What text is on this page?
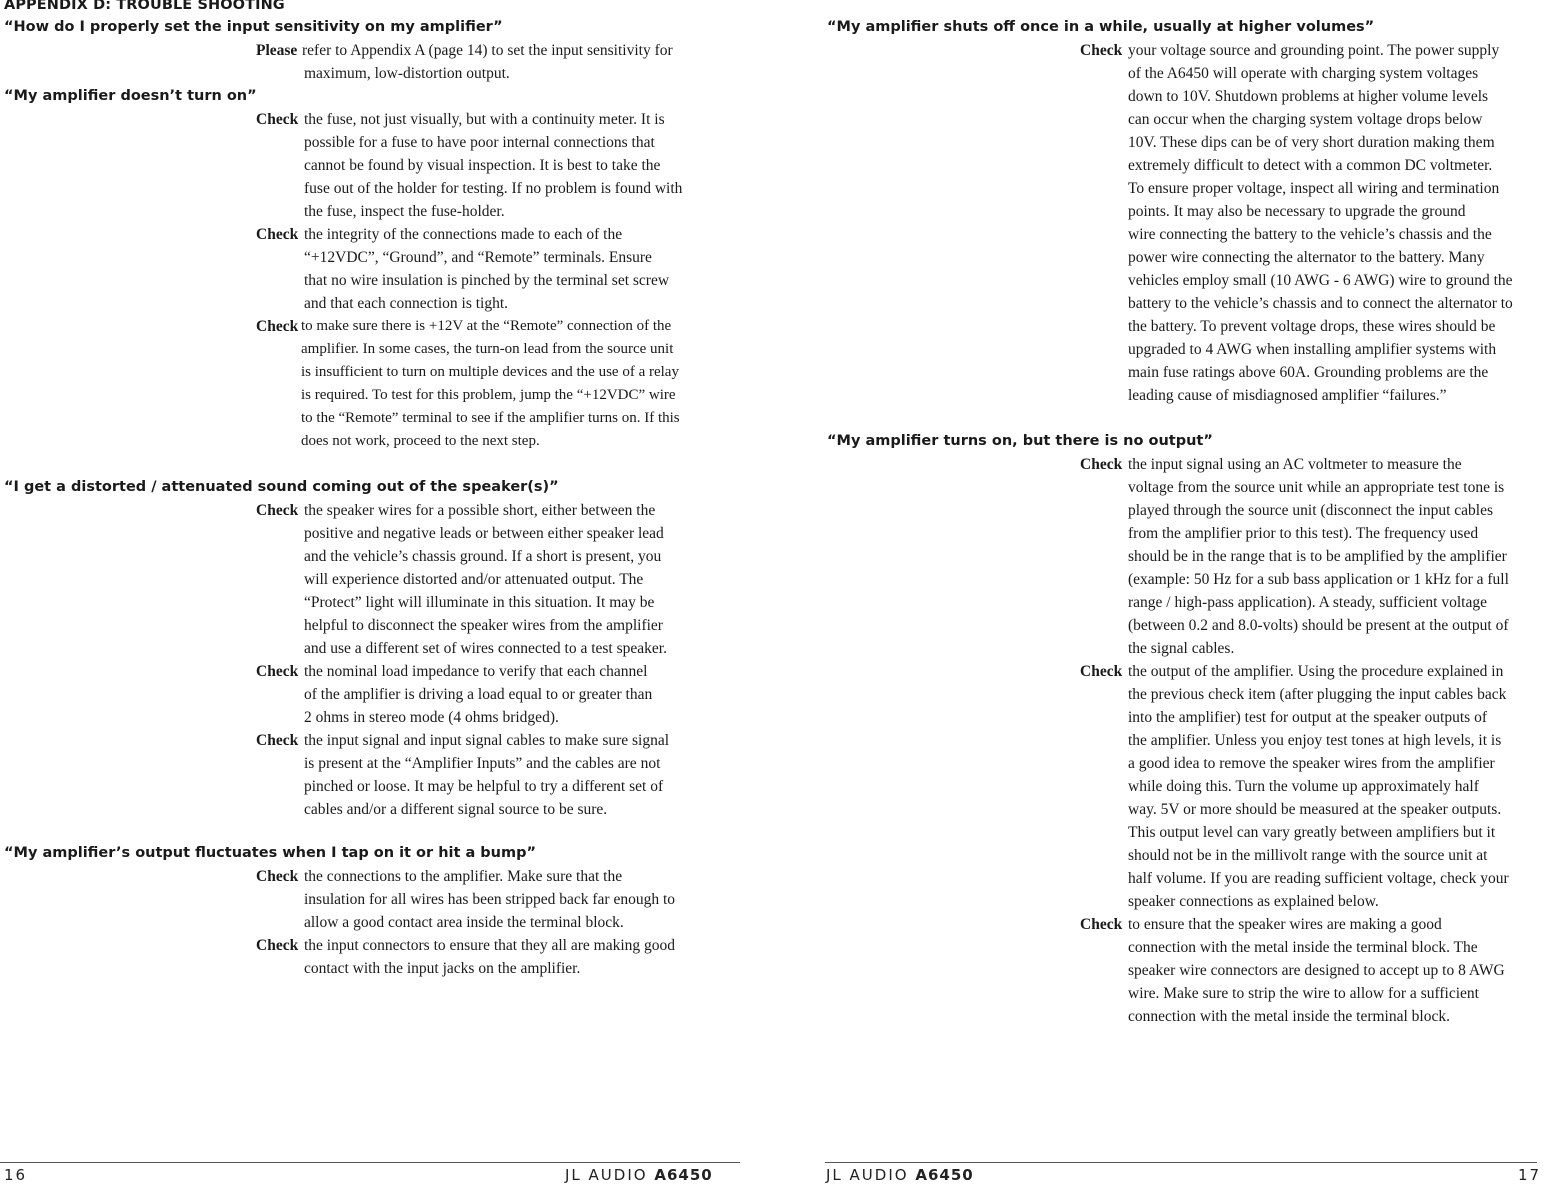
APPENDIX D: TROUBLE SHOOTING
“How do I properly set the input sensitivity on my amplifier”
Please refer to Appendix A (page 14) to set the input sensitivity for
maximum, low-distortion output.
“My amplifier doesn’t turn on”
Check the fuse, not just visually, but with a continuity meter. It is
possible for a fuse to have poor internal connections that
cannot be found by visual inspection. It is best to take the
fuse out of the holder for testing. If no problem is found with
the fuse, inspect the fuse-holder.
Check the integrity of the connections made to each of the
“+12VDC”, “Ground”, and “Remote” terminals. Ensure
that no wire insulation is pinched by the terminal set screw
and that each connection is tight.
Check to make sure there is +12V at the “Remote” connection of the
amplifier. In some cases, the turn-on lead from the source unit
is insufficient to turn on multiple devices and the use of a relay
is required. To test for this problem, jump the “+12VDC” wire
to the “Remote” terminal to see if the amplifier turns on. If this
does not work, proceed to the next step.
“I get a distorted / attenuated sound coming out of the speaker(s)”
Check the speaker wires for a possible short, either between the
positive and negative leads or between either speaker lead
and the vehicle’s chassis ground. If a short is present, you
will experience distorted and/or attenuated output. The
“Protect” light will illuminate in this situation. It may be
helpful to disconnect the speaker wires from the amplifier
and use a different set of wires connected to a test speaker.
Check the nominal load impedance to verify that each channel
of the amplifier is driving a load equal to or greater than
2 ohms in stereo mode (4 ohms bridged).
Check the input signal and input signal cables to make sure signal
is present at the “Amplifier Inputs” and the cables are not
pinched or loose. It may be helpful to try a different set of
cables and/or a different signal source to be sure.
“My amplifier’s output fluctuates when I tap on it or hit a bump”
Check the connections to the amplifier. Make sure that the
insulation for all wires has been stripped back far enough to
allow a good contact area inside the terminal block.
Check the input connectors to ensure that they all are making good
contact with the input jacks on the amplifier.
16	JL AUDIO A6450
“My amplifier shuts off once in a while, usually at higher volumes”
Check your voltage source and grounding point. The power supply
of the A6450 will operate with charging system voltages
down to 10V. Shutdown problems at higher volume levels
can occur when the charging system voltage drops below
10V. These dips can be of very short duration making them
extremely difficult to detect with a common DC voltmeter.
To ensure proper voltage, inspect all wiring and termination
points. It may also be necessary to upgrade the ground
wire connecting the battery to the vehicle’s chassis and the
power wire connecting the alternator to the battery. Many
vehicles employ small (10 AWG - 6 AWG) wire to ground the
battery to the vehicle’s chassis and to connect the alternator to
the battery. To prevent voltage drops, these wires should be
upgraded to 4 AWG when installing amplifier systems with
main fuse ratings above 60A. Grounding problems are the
leading cause of misdiagnosed amplifier “failures.”
“My amplifier turns on, but there is no output”
Check the input signal using an AC voltmeter to measure the
voltage from the source unit while an appropriate test tone is
played through the source unit (disconnect the input cables
from the amplifier prior to this test). The frequency used
should be in the range that is to be amplified by the amplifier
(example: 50 Hz for a sub bass application or 1 kHz for a full
range / high-pass application). A steady, sufficient voltage
(between 0.2 and 8.0-volts) should be present at the output of
the signal cables.
Check the output of the amplifier. Using the procedure explained in
the previous check item (after plugging the input cables back
into the amplifier) test for output at the speaker outputs of
the amplifier. Unless you enjoy test tones at high levels, it is
a good idea to remove the speaker wires from the amplifier
while doing this. Turn the volume up approximately half
way. 5V or more should be measured at the speaker outputs.
This output level can vary greatly between amplifiers but it
should not be in the millivolt range with the source unit at
half volume. If you are reading sufficient voltage, check your
speaker connections as explained below.
Check to ensure that the speaker wires are making a good
connection with the metal inside the terminal block. The
speaker wire connectors are designed to accept up to 8 AWG
wire. Make sure to strip the wire to allow for a sufficient
connection with the metal inside the terminal block.
JL AUDIO A6450	17
